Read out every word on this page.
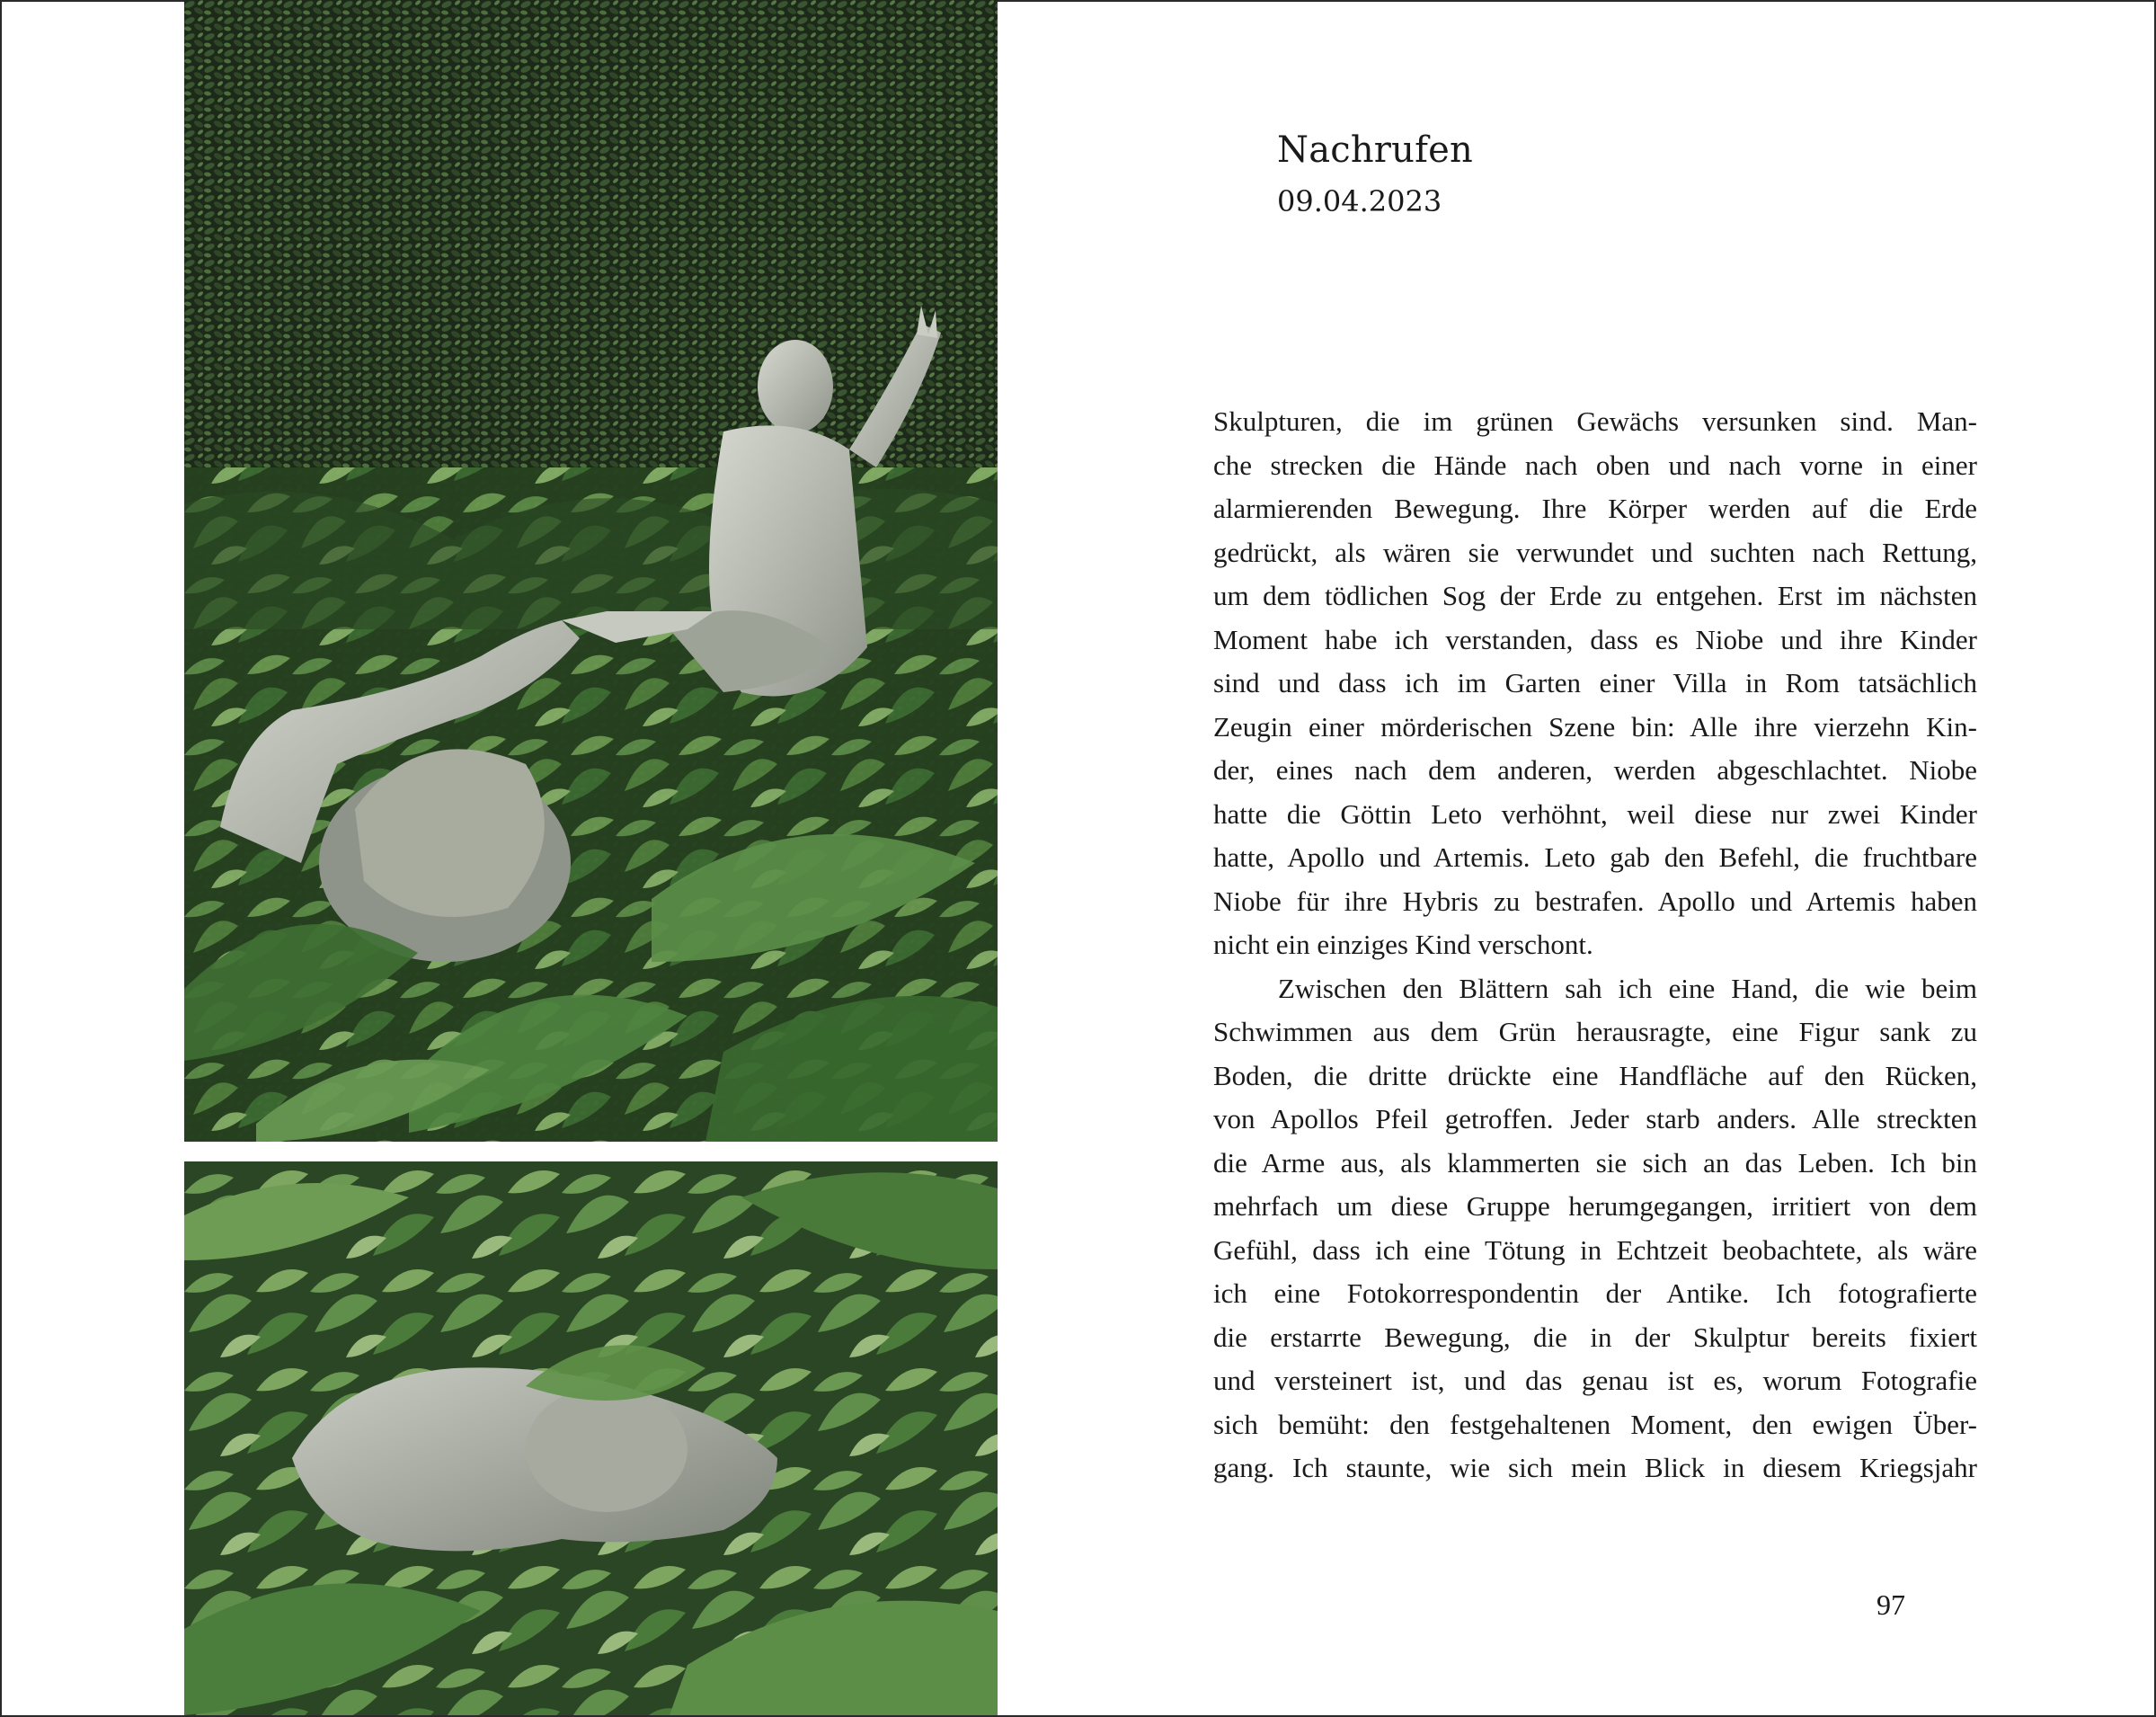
Nachrufen
09.04.2023
Skulpturen, die im grünen Gewächs versunken sind. Man-
che strecken die Hände nach oben und nach vorne in einer
alarmierenden Bewegung. Ihre Körper werden auf die Erde
gedrückt, als wären sie verwundet und suchten nach Rettung,
um dem tödlichen Sog der Erde zu entgehen. Erst im nächsten
Moment habe ich verstanden, dass es Niobe und ihre Kinder
sind und dass ich im Garten einer Villa in Rom tatsächlich
Zeugin einer mörderischen Szene bin: Alle ihre vierzehn Kin-
der, eines nach dem anderen, werden abgeschlachtet. Niobe
hatte die Göttin Leto verhöhnt, weil diese nur zwei Kinder
hatte, Apollo und Artemis. Leto gab den Befehl, die fruchtbare
Niobe für ihre Hybris zu bestrafen. Apollo und Artemis haben
nicht ein einziges Kind verschont.
Zwischen den Blättern sah ich eine Hand, die wie beim
Schwimmen aus dem Grün herausragte, eine Figur sank zu
Boden, die dritte drückte eine Handfläche auf den Rücken,
von Apollos Pfeil getroffen. Jeder starb anders. Alle streckten
die Arme aus, als klammerten sie sich an das Leben. Ich bin
mehrfach um diese Gruppe herumgegangen, irritiert von dem
Gefühl, dass ich eine Tötung in Echtzeit beobachtete, als wäre
ich eine Fotokorrespondentin der Antike. Ich fotografierte
die erstarrte Bewegung, die in der Skulptur bereits fixiert
und versteinert ist, und das genau ist es, worum Fotografie
sich bemüht: den festgehaltenen Moment, den ewigen Über-
gang. Ich staunte, wie sich mein Blick in diesem Kriegsjahr
97
